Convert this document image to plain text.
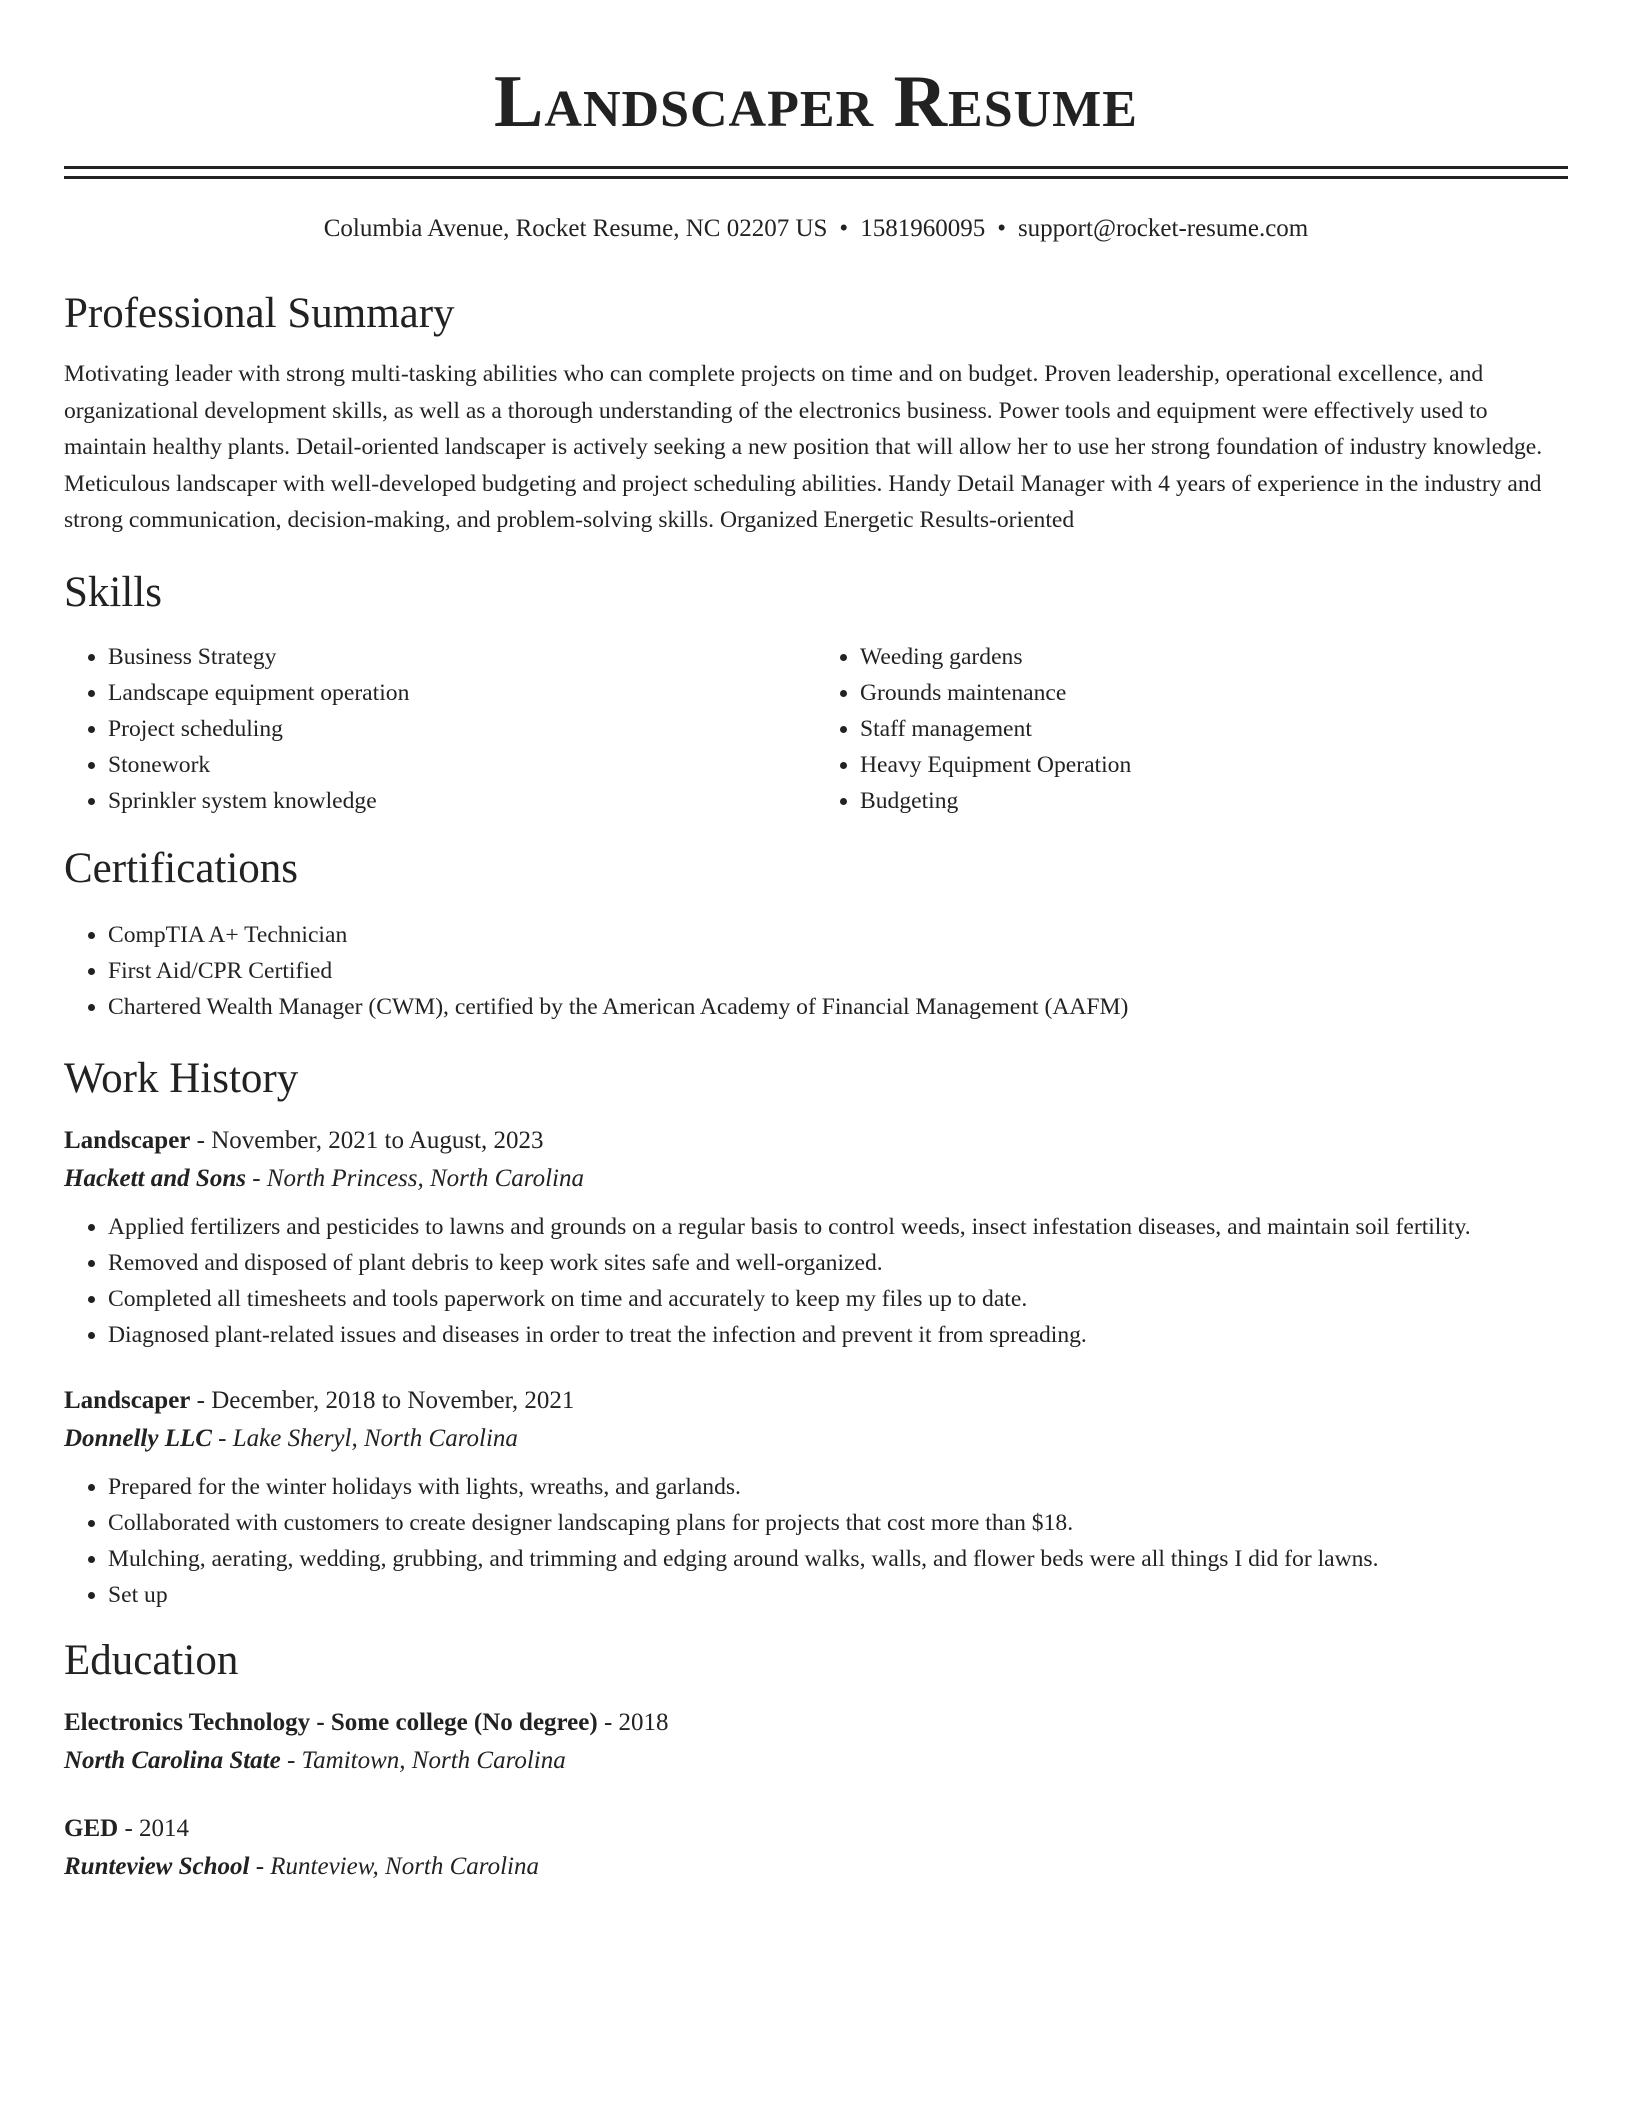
Landscaper Resume
Columbia Avenue, Rocket Resume, NC 02207 US • 1581960095 • support@rocket-resume.com
Professional Summary

Motivating leader with strong multi-tasking abilities who can complete projects on time and on budget. Proven leadership, operational excellence, and organizational development skills, as well as a thorough understanding of the electronics business. Power tools and equipment were effectively used to maintain healthy plants. Detail-oriented landscaper is actively seeking a new position that will allow her to use her strong foundation of industry knowledge. Meticulous landscaper with well-developed budgeting and project scheduling abilities. Handy Detail Manager with 4 years of experience in the industry and strong communication, decision-making, and problem-solving skills. Organized Energetic Results-oriented

Skills
• Business Strategy
• Landscape equipment operation
• Project scheduling
• Stonework
• Sprinkler system knowledge
• Weeding gardens
• Grounds maintenance
• Staff management
• Heavy Equipment Operation
• Budgeting
Certifications
• CompTIA A+ Technician
• First Aid/CPR Certified
• Chartered Wealth Manager (CWM), certified by the American Academy of Financial Management (AAFM)
Work History
Landscaper - November, 2021 to August, 2023
Hackett and Sons - North Princess, North Carolina
• Applied fertilizers and pesticides to lawns and grounds on a regular basis to control weeds, insect infestation diseases, and maintain soil fertility.
• Removed and disposed of plant debris to keep work sites safe and well-organized.
• Completed all timesheets and tools paperwork on time and accurately to keep my files up to date.
• Diagnosed plant-related issues and diseases in order to treat the infection and prevent it from spreading.
Landscaper - December, 2018 to November, 2021
Donnelly LLC - Lake Sheryl, North Carolina
• Prepared for the winter holidays with lights, wreaths, and garlands.
• Collaborated with customers to create designer landscaping plans for projects that cost more than $18.
• Mulching, aerating, wedding, grubbing, and trimming and edging around walks, walls, and flower beds were all things I did for lawns.
• Set up
Education
Electronics Technology - Some college (No degree) - 2018
North Carolina State - Tamitown, North Carolina
GED - 2014
Runteview School - Runteview, North Carolina
